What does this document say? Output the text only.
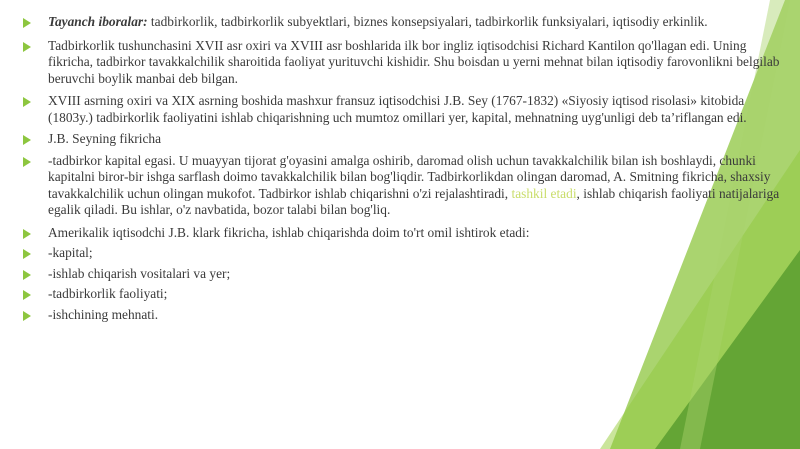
Tayanch iboralar: tadbirkorlik, tadbirkorlik subyektlari, biznes konsepsiyalari, tadbirkorlik funksiyalari, iqtisodiy erkinlik.
Tadbirkorlik tushunchasini XVII asr oxiri va XVIII asr boshlarida ilk bor ingliz iqtisodchisi Richard Kantilon qo'llagan edi. Uning fikricha, tadbirkor tavakkalchilik sharoitida faoliyat yurituvchi kishidir. Shu boisdan u yerni mehnat bilan iqtisodiy farovonlikni belgilab beruvchi boylik manbai deb bilgan.
XVIII asrning oxiri va XIX asrning boshida mashxur fransuz iqtisodchisi J.B. Sey (1767-1832) «Siyosiy iqtisod risolasi» kitobida (1803y.) tadbirkorlik faoliyatini ishlab chiqarishning uch mumtoz omillari yer, kapital, mehnatning uyg'unligi deb ta’riflangan edi.
J.B. Seyning fikricha
-tadbirkor kapital egasi. U muayyan tijorat g'oyasini amalga oshirib, daromad olish uchun tavakkalchilik bilan ish boshlaydi, chunki kapitalni biror-bir ishga sarflash doimo tavakkalchilik bilan bog'liqdir. Tadbirkorlikdan olingan daromad, A. Smitning fikricha, shaxsiy tavakkalchilik uchun olingan mukofot. Tadbirkor ishlab chiqarishni o'zi rejalashtiradi, tashkil etadi, ishlab chiqarish faoliyati natijalariga egalik qiladi. Bu ishlar, o'z navbatida, bozor talabi bilan bog'liq.
Amerikalik iqtisodchi J.B. klark fikricha, ishlab chiqarishda doim to'rt omil ishtirok etadi:
-kapital;
-ishlab chiqarish vositalari va yer;
-tadbirkorlik faoliyati;
-ishchining mehnati.
